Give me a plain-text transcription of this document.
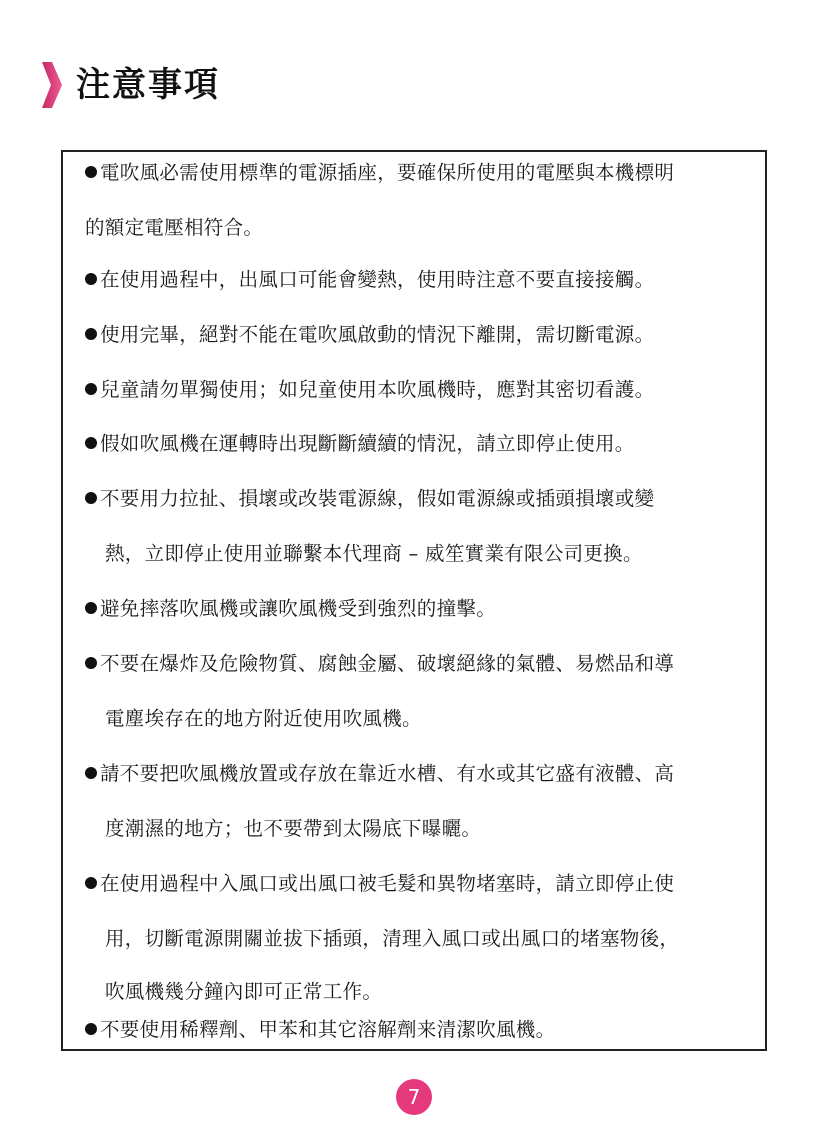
注意事項
電吹風必需使用標準的電源插座，要確保所使用的電壓與本機標明
的額定電壓相符合。
在使用過程中，出風口可能會變熱，使用時注意不要直接接觸。
使用完畢，絕對不能在電吹風啟動的情況下離開，需切斷電源。
兒童請勿單獨使用；如兒童使用本吹風機時，應對其密切看護。
假如吹風機在運轉時出現斷斷續續的情況，請立即停止使用。
不要用力拉扯、損壞或改裝電源線，假如電源線或插頭損壞或變
熱，立即停止使用並聯繫本代理商 – 威笙實業有限公司更換。
避免摔落吹風機或讓吹風機受到強烈的撞擊。
不要在爆炸及危險物質、腐蝕金屬、破壞絕緣的氣體、易燃品和導
電塵埃存在的地方附近使用吹風機。
請不要把吹風機放置或存放在靠近水槽、有水或其它盛有液體、高
度潮濕的地方；也不要帶到太陽底下曝曬。
在使用過程中入風口或出風口被毛髮和異物堵塞時，請立即停止使
用，切斷電源開關並拔下插頭，清理入風口或出風口的堵塞物後，
吹風機幾分鐘內即可正常工作。
不要使用稀釋劑、甲苯和其它溶解劑来清潔吹風機。
7
